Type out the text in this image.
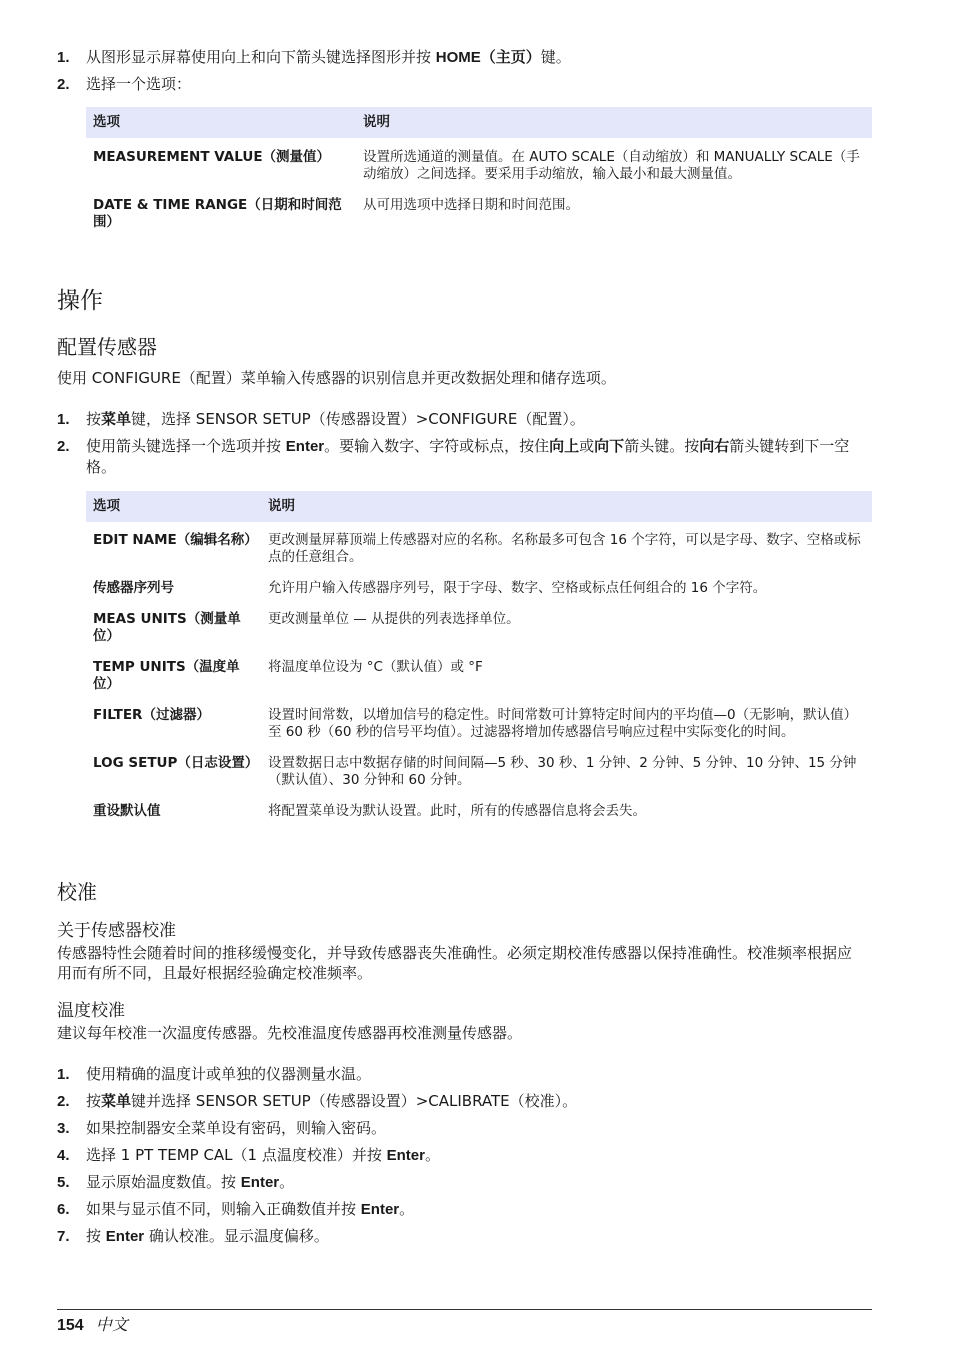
1. 从图形显示屏幕使用向上和向下箭头键选择图形并按 HOME（主页）键。
2. 选择一个选项：
选项	说明
MEASUREMENT VALUE（测量值）	设置所选通道的测量值。在 AUTO SCALE（自动缩放）和 MANUALLY SCALE（手动缩放）之间选择。要采用手动缩放，输入最小和最大测量值。
DATE & TIME RANGE（日期和时间范围）	从可用选项中选择日期和时间范围。
操作
配置传感器

使用 CONFIGURE（配置）菜单输入传感器的识别信息并更改数据处理和储存选项。

1. 按菜单键，选择 SENSOR SETUP（传感器设置）>CONFIGURE（配置）。
2. 使用箭头键选择一个选项并按 Enter。要输入数字、字符或标点，按住向上或向下箭头键。按向右箭头键转到下一空格。
选项	说明
EDIT NAME（编辑名称）	更改测量屏幕顶端上传感器对应的名称。名称最多可包含 16 个字符，可以是字母、数字、空格或标点的任意组合。
传感器序列号	允许用户输入传感器序列号，限于字母、数字、空格或标点任何组合的 16 个字符。
MEAS UNITS（测量单位）	更改测量单位 — 从提供的列表选择单位。
TEMP UNITS（温度单位）	将温度单位设为 °C（默认值）或 °F
FILTER（过滤器）	设置时间常数，以增加信号的稳定性。时间常数可计算特定时间内的平均值—0（无影响，默认值）至 60 秒（60 秒的信号平均值）。过滤器将增加传感器信号响应过程中实际变化的时间。
LOG SETUP（日志设置）	设置数据日志中数据存储的时间间隔—5 秒、30 秒、1 分钟、2 分钟、5 分钟、10 分钟、15 分钟（默认值）、30 分钟和 60 分钟。
重设默认值	将配置菜单设为默认设置。此时，所有的传感器信息将会丢失。
校准
关于传感器校准

传感器特性会随着时间的推移缓慢变化，并导致传感器丧失准确性。必须定期校准传感器以保持准确性。校准频率根据应用而有所不同，且最好根据经验确定校准频率。

温度校准

建议每年校准一次温度传感器。先校准温度传感器再校准测量传感器。

1. 使用精确的温度计或单独的仪器测量水温。
2. 按菜单键并选择 SENSOR SETUP（传感器设置）>CALIBRATE（校准）。
3. 如果控制器安全菜单设有密码，则输入密码。
4. 选择 1 PT TEMP CAL（1 点温度校准）并按 Enter。
5. 显示原始温度数值。按 Enter。
6. 如果与显示值不同，则输入正确数值并按 Enter。
7. 按 Enter 确认校准。显示温度偏移。
154 中文
